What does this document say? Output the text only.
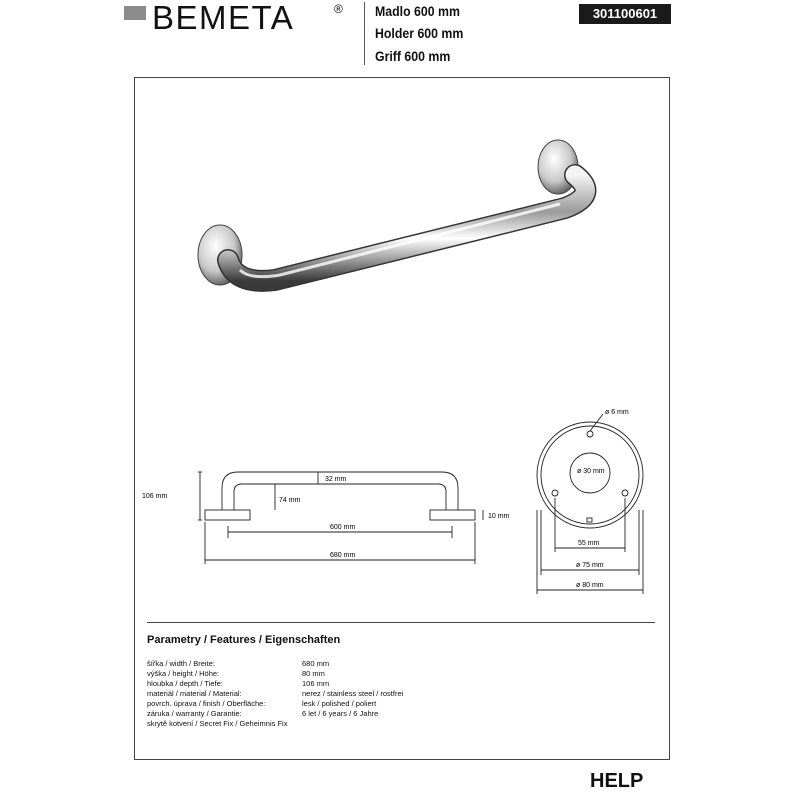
BEMETA	® Madlo 600 mm
Holder 600 mm
Griff 600 mm
301100601
106 mm
32 mm
74 mm
600 mm
680 mm
10 mm
ø 6 mm
ø 30 mm
55 mm
ø 75 mm
ø 80 mm
Parametry / Features / Eigenschaften
šířka / width / Breite:	680 mm
výška / height / Höhe:	80 mm
hloubka / depth / Tiefe:	106 mm
materiál / material / Material:	nerez / stainless steel / rostfrei
povrch. úprava / finish / Oberfläche:	lesk / polished / poliert
záruka / warranty / Garantie:	6 let / 6 years / 6 Jahre
skrytě kotvení / Secret Fix / Geheimnis Fix
HELP
